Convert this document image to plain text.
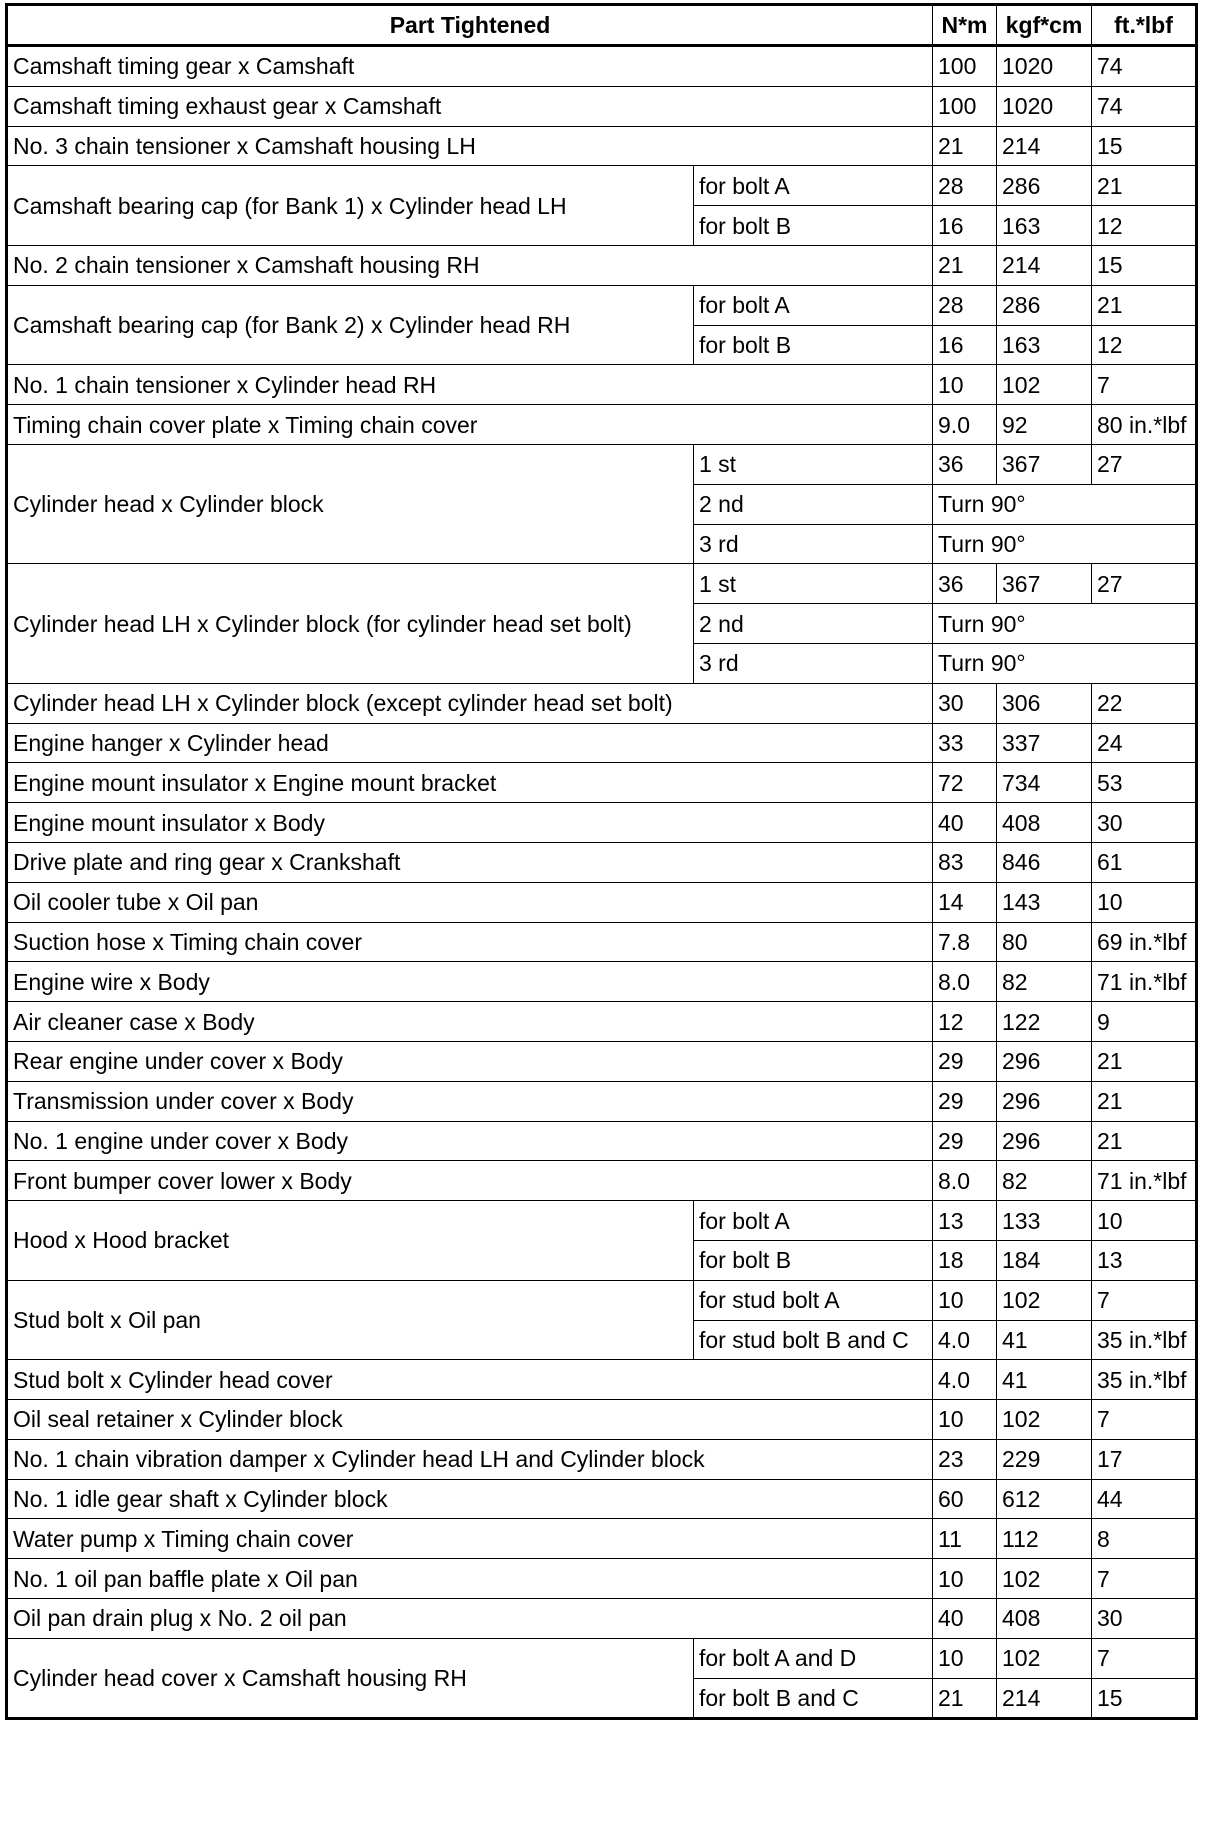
Part Tightened		N*m	kgf*cm	ft.*lbf
Camshaft timing gear x Camshaft		100	1020	74
Camshaft timing exhaust gear x Camshaft		100	1020	74
No. 3 chain tensioner x Camshaft housing LH		21	214	15
Camshaft bearing cap (for Bank 1) x Cylinder head LH	for bolt A	28	286	21
	for bolt B	16	163	12
No. 2 chain tensioner x Camshaft housing RH		21	214	15
Camshaft bearing cap (for Bank 2) x Cylinder head RH	for bolt A	28	286	21
	for bolt B	16	163	12
No. 1 chain tensioner x Cylinder head RH		10	102	7
Timing chain cover plate x Timing chain cover		9.0	92	80 in.*lbf
Cylinder head x Cylinder block	1 st	36	367	27
	2 nd	Turn 90°		
	3 rd	Turn 90°		
Cylinder head LH x Cylinder block (for cylinder head set bolt)	1 st	36	367	27
	2 nd	Turn 90°		
	3 rd	Turn 90°		
Cylinder head LH x Cylinder block (except cylinder head set bolt)		30	306	22
Engine hanger x Cylinder head		33	337	24
Engine mount insulator x Engine mount bracket		72	734	53
Engine mount insulator x Body		40	408	30
Drive plate and ring gear x Crankshaft		83	846	61
Oil cooler tube x Oil pan		14	143	10
Suction hose x Timing chain cover		7.8	80	69 in.*lbf
Engine wire x Body		8.0	82	71 in.*lbf
Air cleaner case x Body		12	122	9
Rear engine under cover x Body		29	296	21
Transmission under cover x Body		29	296	21
No. 1 engine under cover x Body		29	296	21
Front bumper cover lower x Body		8.0	82	71 in.*lbf
Hood x Hood bracket	for bolt A	13	133	10
	for bolt B	18	184	13
Stud bolt x Oil pan	for stud bolt A	10	102	7
	for stud bolt B and C	4.0	41	35 in.*lbf
Stud bolt x Cylinder head cover		4.0	41	35 in.*lbf
Oil seal retainer x Cylinder block		10	102	7
No. 1 chain vibration damper x Cylinder head LH and Cylinder block		23	229	17
No. 1 idle gear shaft x Cylinder block		60	612	44
Water pump x Timing chain cover		11	112	8
No. 1 oil pan baffle plate x Oil pan		10	102	7
Oil pan drain plug x No. 2 oil pan		40	408	30
Cylinder head cover x Camshaft housing RH	for bolt A and D	10	102	7
	for bolt B and C	21	214	15
